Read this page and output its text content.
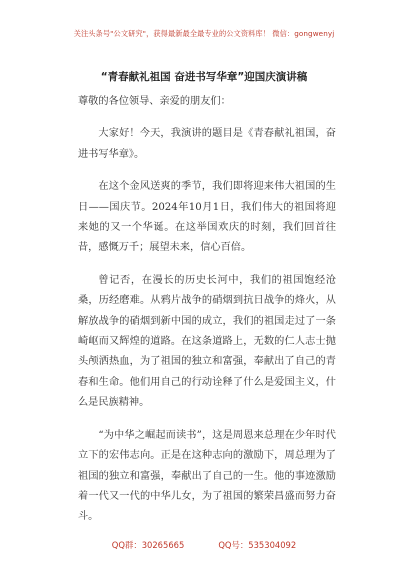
关注头条号"公文研究"，获得最新最全最专业的公文资料库！ 微信：gongwenyj
“青春献礼祖国 奋进书写华章”迎国庆演讲稿

尊敬的各位领导、亲爱的朋友们：

大家好！今天，我演讲的题目是《青春献礼祖国，奋进书写华章》。

在这个金风送爽的季节，我们即将迎来伟大祖国的生日——国庆节。2024年10月1日，我们伟大的祖国将迎来她的又一个华诞。在这举国欢庆的时刻，我们回首往昔，感慨万千；展望未来，信心百倍。

曾记否，在漫长的历史长河中，我们的祖国饱经沧桑，历经磨难。从鸦片战争的硝烟到抗日战争的烽火，从解放战争的硝烟到新中国的成立，我们的祖国走过了一条崎岖而又辉煌的道路。在这条道路上，无数的仁人志士抛头颅洒热血，为了祖国的独立和富强，奉献出了自己的青春和生命。他们用自己的行动诠释了什么是爱国主义，什么是民族精神。

“为中华之崛起而读书”，这是周恩来总理在少年时代立下的宏伟志向。正是在这种志向的激励下，周总理为了祖国的独立和富强，奉献出了自己的一生。他的事迹激励着一代又一代的中华儿女，为了祖国的繁荣昌盛而努力奋斗。

QQ群：30265665	QQ号：535304092
